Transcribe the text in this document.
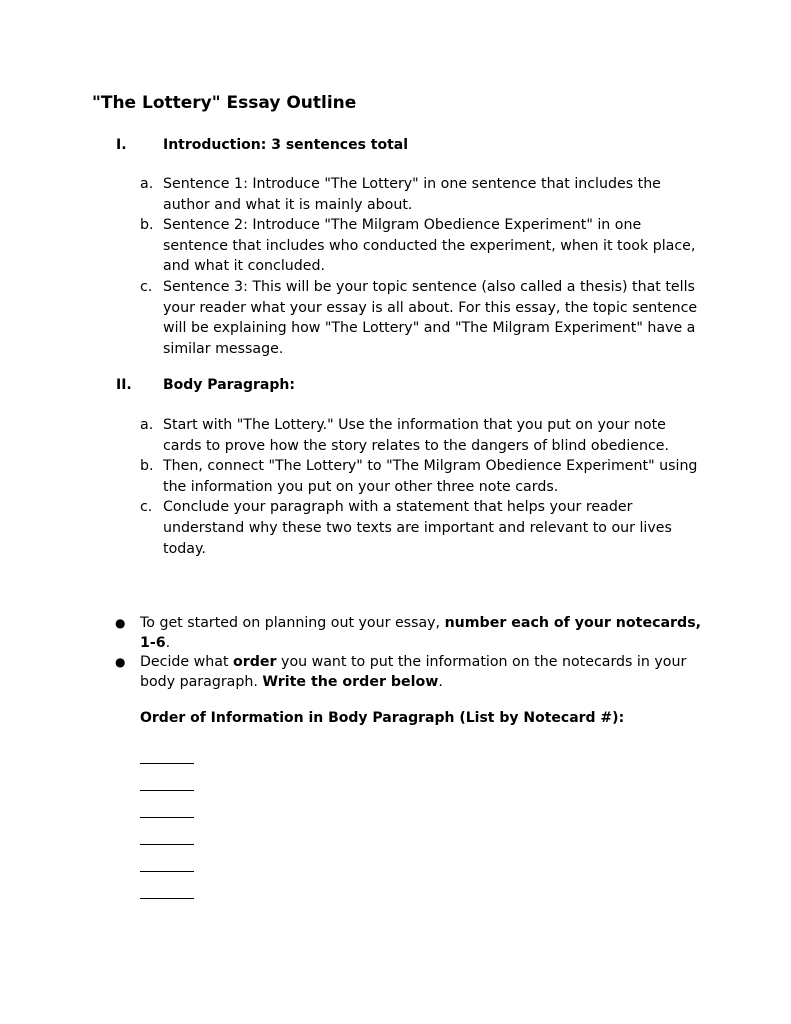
"The Lottery" Essay Outline
I.	Introduction: 3 sentences total
a. Sentence 1: Introduce "The Lottery" in one sentence that includes the author and what it is mainly about.
b. Sentence 2: Introduce "The Milgram Obedience Experiment" in one sentence that includes who conducted the experiment, when it took place, and what it concluded.
c. Sentence 3: This will be your topic sentence (also called a thesis) that tells your reader what your essay is all about. For this essay, the topic sentence will be explaining how "The Lottery" and "The Milgram Experiment" have a similar message.
II.	Body Paragraph:
a. Start with "The Lottery." Use the information that you put on your note cards to prove how the story relates to the dangers of blind obedience.
b. Then, connect "The Lottery" to "The Milgram Obedience Experiment" using the information you put on your other three note cards.
c. Conclude your paragraph with a statement that helps your reader understand why these two texts are important and relevant to our lives today.
●	To get started on planning out your essay, number each of your notecards, 1-6.
●	Decide what order you want to put the information on the notecards in your body paragraph. Write the order below.
Order of Information in Body Paragraph (List by Notecard #):
